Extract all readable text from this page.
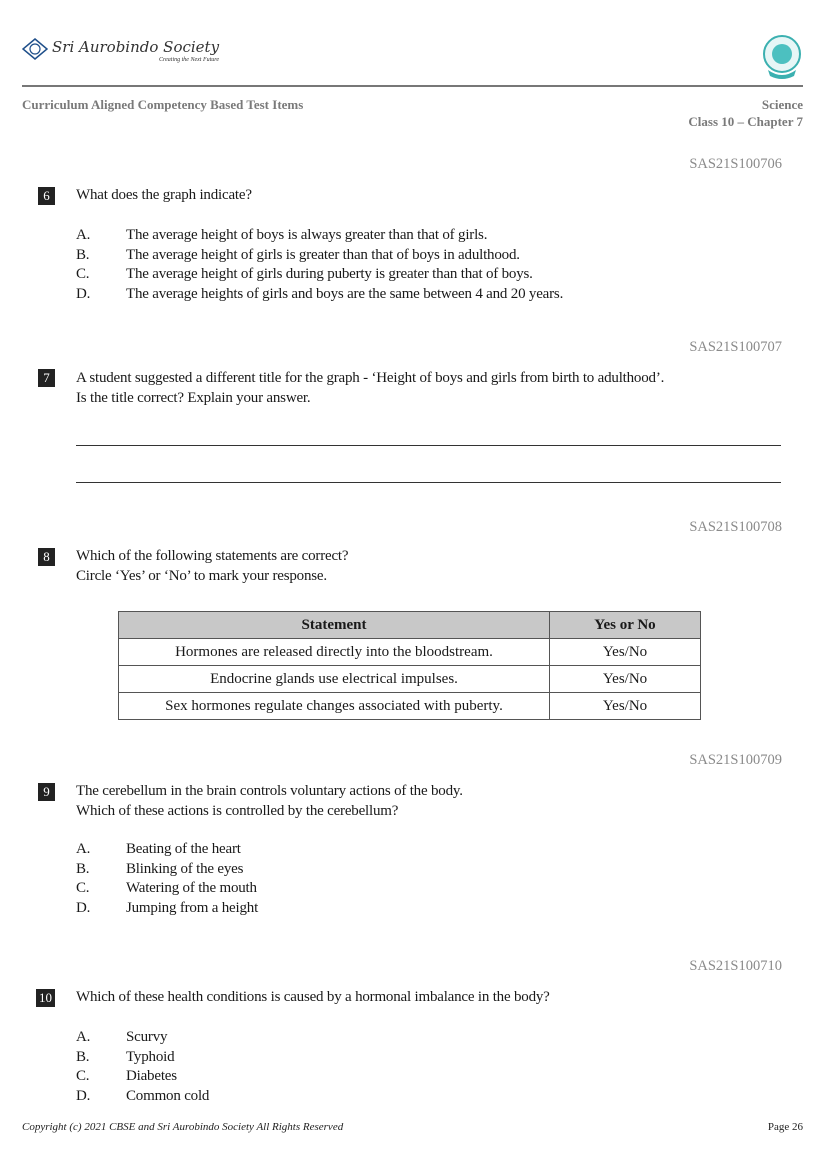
Sri Aurobindo Society
Creating the Next Future
Curriculum Aligned Competency Based Test Items	Science
Class 10 – Chapter 7
SAS21S100706
6	What does the graph indicate?
A. The average height of boys is always greater than that of girls.
B. The average height of girls is greater than that of boys in adulthood.
C. The average height of girls during puberty is greater than that of boys.
D. The average heights of girls and boys are the same between 4 and 20 years.
SAS21S100707
7	A student suggested a different title for the graph - ‘Height of boys and girls from birth to adulthood’.
Is the title correct? Explain your answer.
SAS21S100708
8	Which of the following statements are correct?
Circle ‘Yes’ or ‘No’ to mark your response.
Statement	Yes or No
Hormones are released directly into the bloodstream.	Yes/No
Endocrine glands use electrical impulses.	Yes/No
Sex hormones regulate changes associated with puberty.	Yes/No
SAS21S100709
9	The cerebellum in the brain controls voluntary actions of the body.
Which of these actions is controlled by the cerebellum?
A. Beating of the heart
B. Blinking of the eyes
C. Watering of the mouth
D. Jumping from a height
SAS21S100710
10 Which of these health conditions is caused by a hormonal imbalance in the body?
A. Scurvy
B. Typhoid
C. Diabetes
D. Common cold
Copyright (c) 2021 CBSE and Sri Aurobindo Society All Rights Reserved	Page 26
